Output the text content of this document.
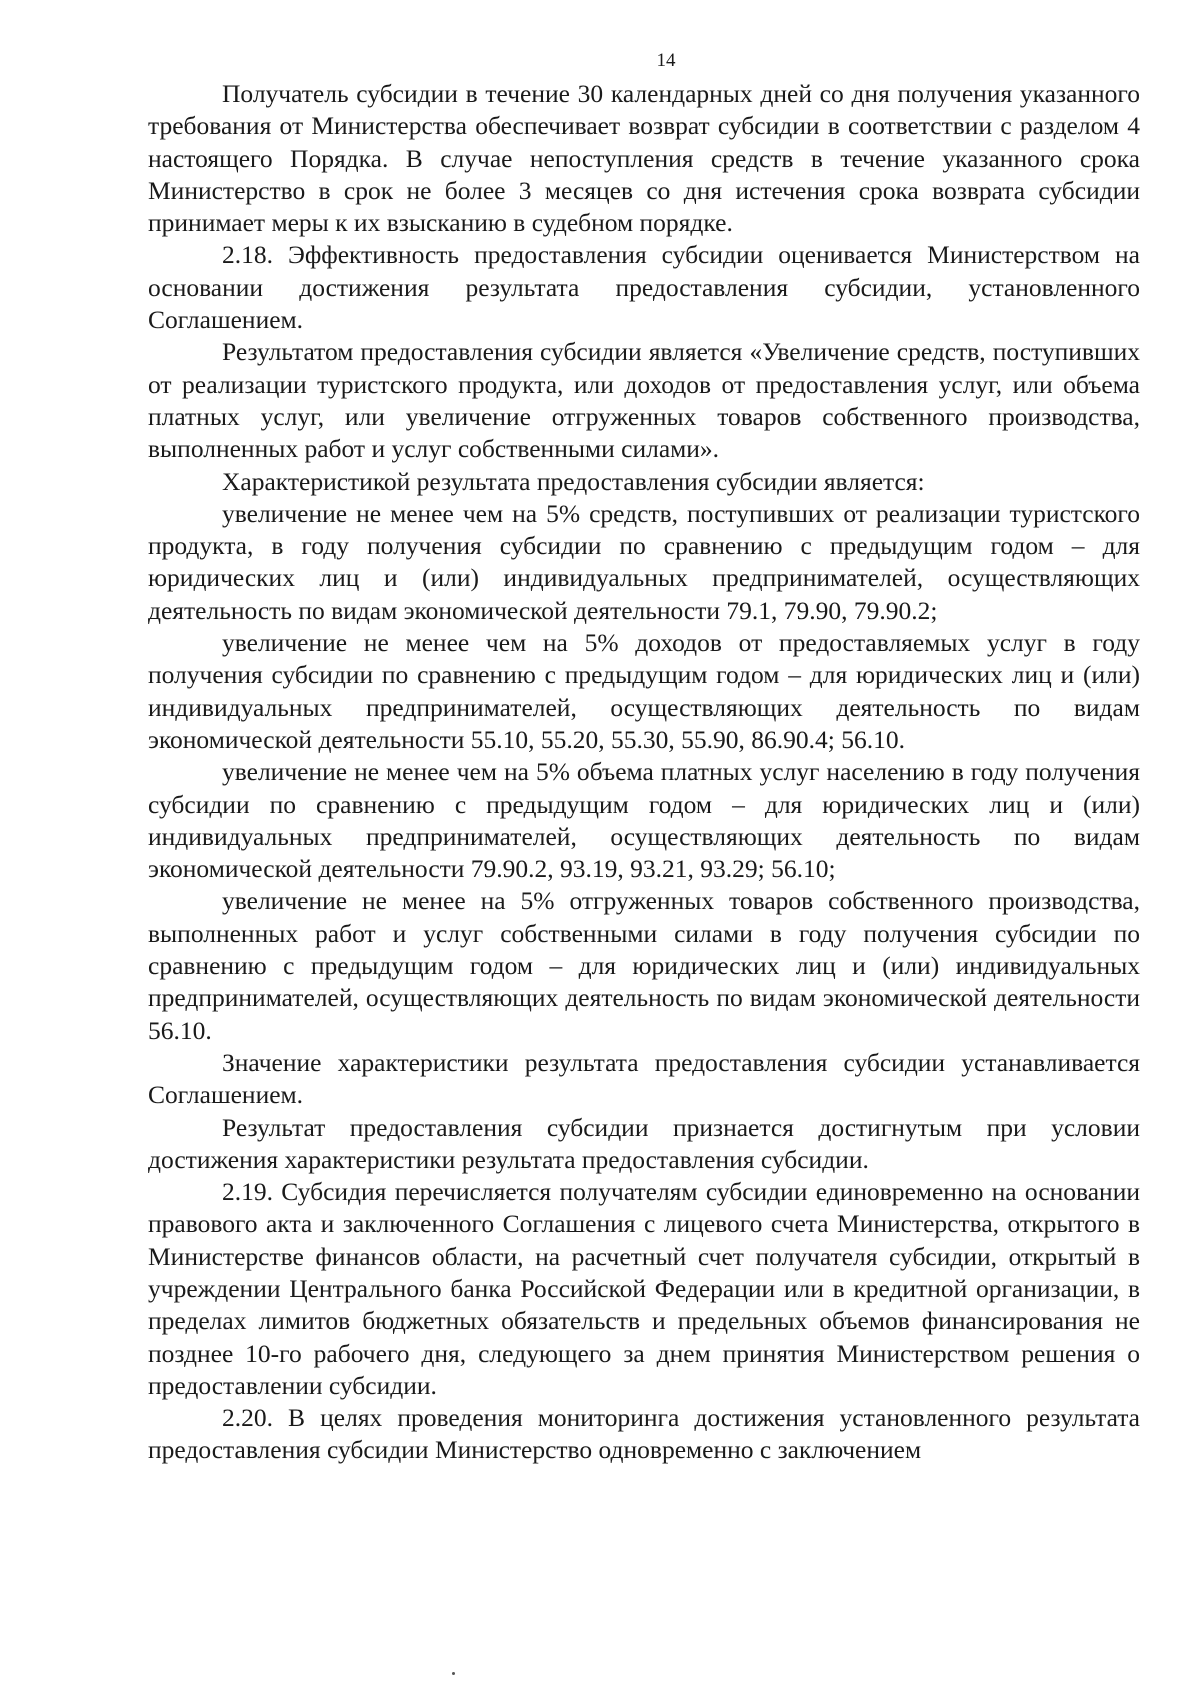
14

Получатель субсидии в течение 30 календарных дней со дня получения указанного требования от Министерства обеспечивает возврат субсидии в соответствии с разделом 4 настоящего Порядка. В случае непоступления средств в течение указанного срока Министерство в срок не более 3 месяцев со дня истечения срока возврата субсидии принимает меры к их взысканию в судебном порядке.

2.18. Эффективность предоставления субсидии оценивается Министерством на основании достижения результата предоставления субсидии, установленного Соглашением.

Результатом предоставления субсидии является «Увеличение средств, поступивших от реализации туристского продукта, или доходов от предоставления услуг, или объема платных услуг, или увеличение отгруженных товаров собственного производства, выполненных работ и услуг собственными силами».

Характеристикой результата предоставления субсидии является:

увеличение не менее чем на 5% средств, поступивших от реализации туристского продукта, в году получения субсидии по сравнению с предыдущим годом – для юридических лиц и (или) индивидуальных предпринимателей, осуществляющих деятельность по видам экономической деятельности 79.1, 79.90, 79.90.2;

увеличение не менее чем на 5% доходов от предоставляемых услуг в году получения субсидии по сравнению с предыдущим годом – для юридических лиц и (или) индивидуальных предпринимателей, осуществляющих деятельность по видам экономической деятельности 55.10, 55.20, 55.30, 55.90, 86.90.4; 56.10.

увеличение не менее чем на 5% объема платных услуг населению в году получения субсидии по сравнению с предыдущим годом – для юридических лиц и (или) индивидуальных предпринимателей, осуществляющих деятельность по видам экономической деятельности 79.90.2, 93.19, 93.21, 93.29; 56.10;

увеличение не менее на 5% отгруженных товаров собственного производства, выполненных работ и услуг собственными силами в году получения субсидии по сравнению с предыдущим годом – для юридических лиц и (или) индивидуальных предпринимателей, осуществляющих деятельность по видам экономической деятельности 56.10.

Значение характеристики результата предоставления субсидии устанавливается Соглашением.

Результат предоставления субсидии признается достигнутым при условии достижения характеристики результата предоставления субсидии.

2.19. Субсидия перечисляется получателям субсидии единовременно на основании правового акта и заключенного Соглашения с лицевого счета Министерства, открытого в Министерстве финансов области, на расчетный счет получателя субсидии, открытый в учреждении Центрального банка Российской Федерации или в кредитной организации, в пределах лимитов бюджетных обязательств и предельных объемов финансирования не позднее 10-го рабочего дня, следующего за днем принятия Министерством решения о предоставлении субсидии.

2.20. В целях проведения мониторинга достижения установленного результата предоставления субсидии Министерство одновременно с заключением
